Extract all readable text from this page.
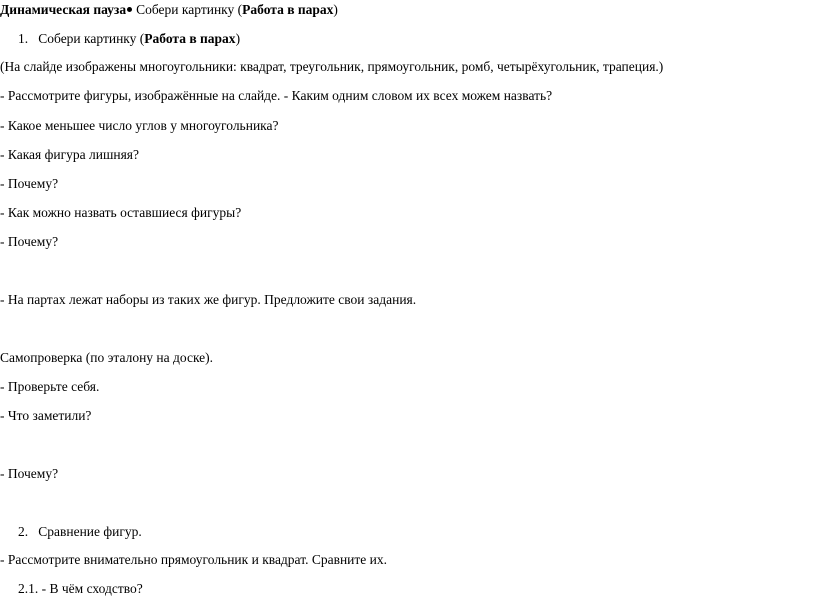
Динамическая пауза Собери картинку (Работа в парах)
1. Собери картинку (Работа в парах)
(На слайде изображены многоугольники: квадрат, треугольник, прямоугольник, ромб, четырёхугольник, трапеция.)
- Рассмотрите фигуры, изображённые на слайде. - Каким одним словом их всех можем назвать?
- Какое меньшее число углов у многоугольника?
- Какая фигура лишняя?
- Почему?
- Как можно назвать оставшиеся фигуры?
- Почему?
- На партах лежат наборы из таких же фигур. Предложите свои задания.
Самопроверка (по эталону на доске).
- Проверьте себя.
- Что заметили?
- Почему?
2. Сравнение фигур.
- Рассмотрите внимательно прямоугольник и квадрат. Сравните их.
2.1. - В чём сходство?
